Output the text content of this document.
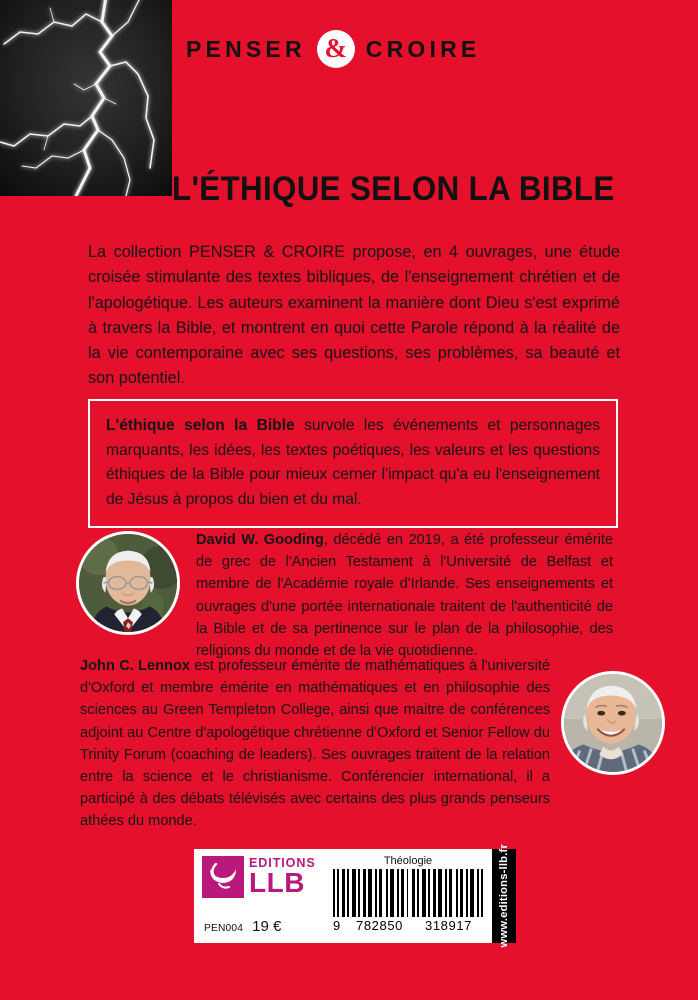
PENSER & CROIRE
L'ÉTHIQUE SELON LA BIBLE
La collection PENSER & CROIRE propose, en 4 ouvrages, une étude croisée stimulante des textes bibliques, de l'enseignement chrétien et de l'apologétique. Les auteurs examinent la manière dont Dieu s'est exprimé à travers la Bible, et montrent en quoi cette Parole répond à la réalité de la vie contemporaine avec ses questions, ses problèmes, sa beauté et son potentiel.

L'éthique selon la Bible survole les événements et personnages marquants, les idées, les textes poétiques, les valeurs et les questions éthiques de la Bible pour mieux cerner l'impact qu'a eu l'enseignement de Jésus à propos du bien et du mal.

David W. Gooding, décédé en 2019, a été professeur émérite de grec de l'Ancien Testament à l'Université de Belfast et membre de l'Académie royale d'Irlande. Ses enseignements et ouvrages d'une portée internationale traitent de l'authenticité de la Bible et de sa pertinence sur le plan de la philosophie, des religions du monde et de la vie quotidienne.
John C. Lennox est professeur émérite de mathématiques à l'université d'Oxford et membre émérite en mathématiques et en philosophie des sciences au Green Templeton College, ainsi que maitre de conférences adjoint au Centre d'apologétique chrétienne d'Oxford et Senior Fellow du Trinity Forum (coaching de leaders). Ses ouvrages traitent de la relation entre la science et le christianisme. Conférencier international, il a participé à des débats télévisés avec certains des plus grands penseurs athées du monde.
EDITIONS
LLB
PEN004 19 €
Théologie
9	782850	318917	www.editions-llb.fr
